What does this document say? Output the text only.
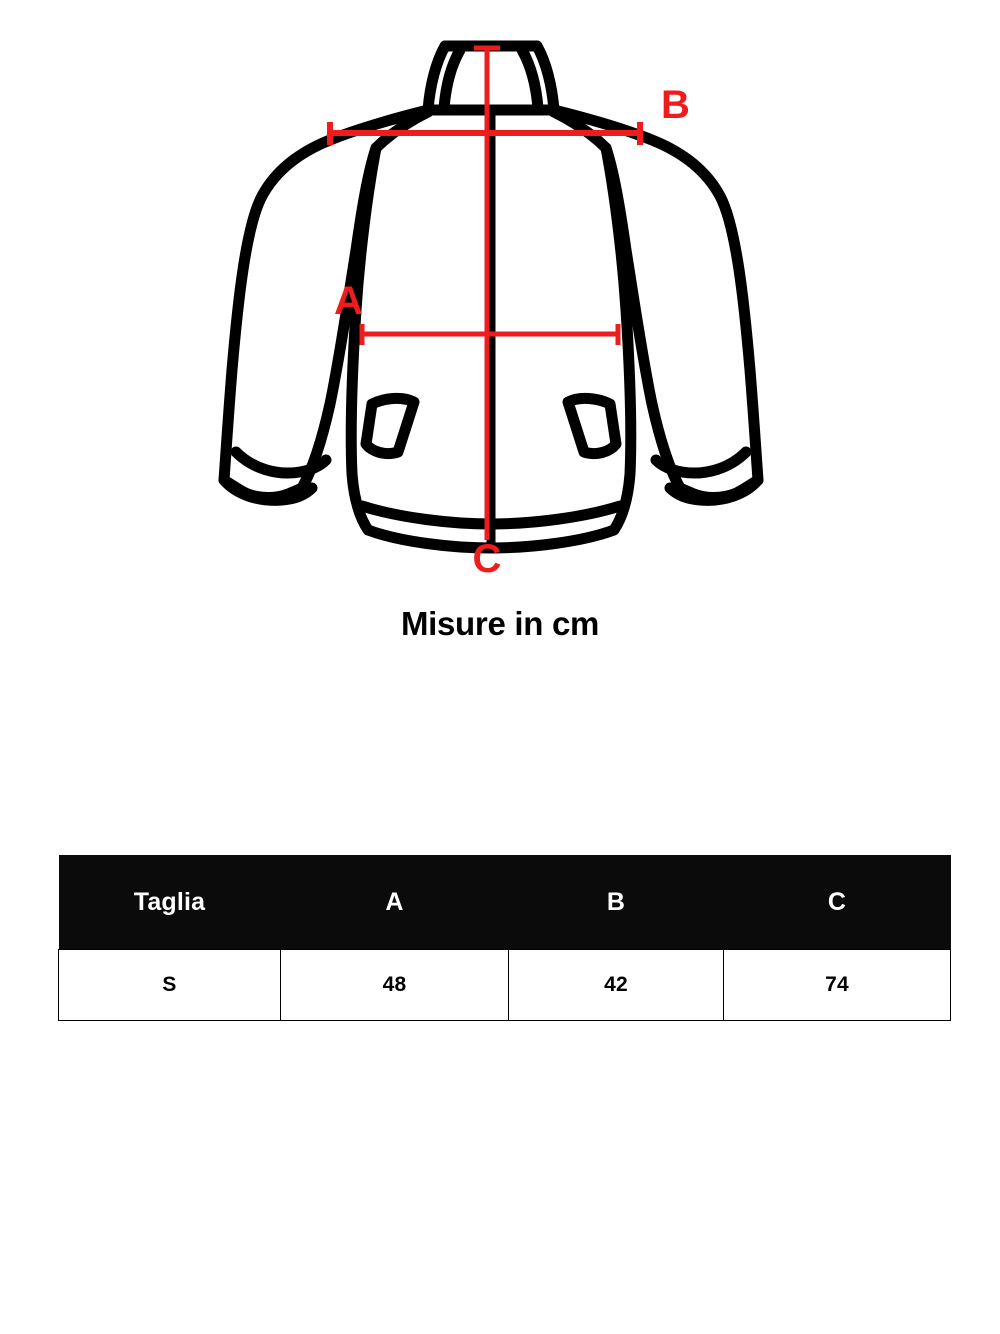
B
A
C
Misure in cm
Taglia	A	B	C
S	48	42	74
